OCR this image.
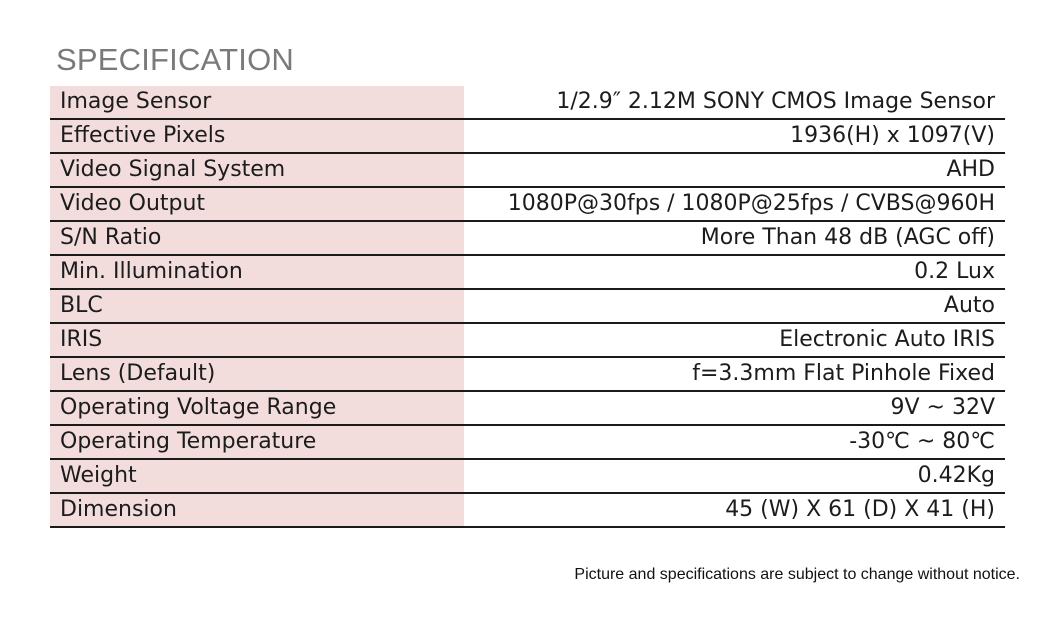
SPECIFICATION
Image Sensor	1/2.9″ 2.12M SONY CMOS Image Sensor
Effective Pixels	1936(H) x 1097(V)
Video Signal System	AHD
Video Output	1080P@30fps / 1080P@25fps / CVBS@960H
S/N Ratio	More Than 48 dB (AGC off)
Min. Illumination	0.2 Lux
BLC	Auto
IRIS	Electronic Auto IRIS
Lens (Default)	f=3.3mm Flat Pinhole Fixed
Operating Voltage Range	9V ~ 32V
Operating Temperature	-30℃ ~ 80℃
Weight	0.42Kg
Dimension	45 (W) X 61 (D) X 41 (H)

Picture and specifications are subject to change without notice.
